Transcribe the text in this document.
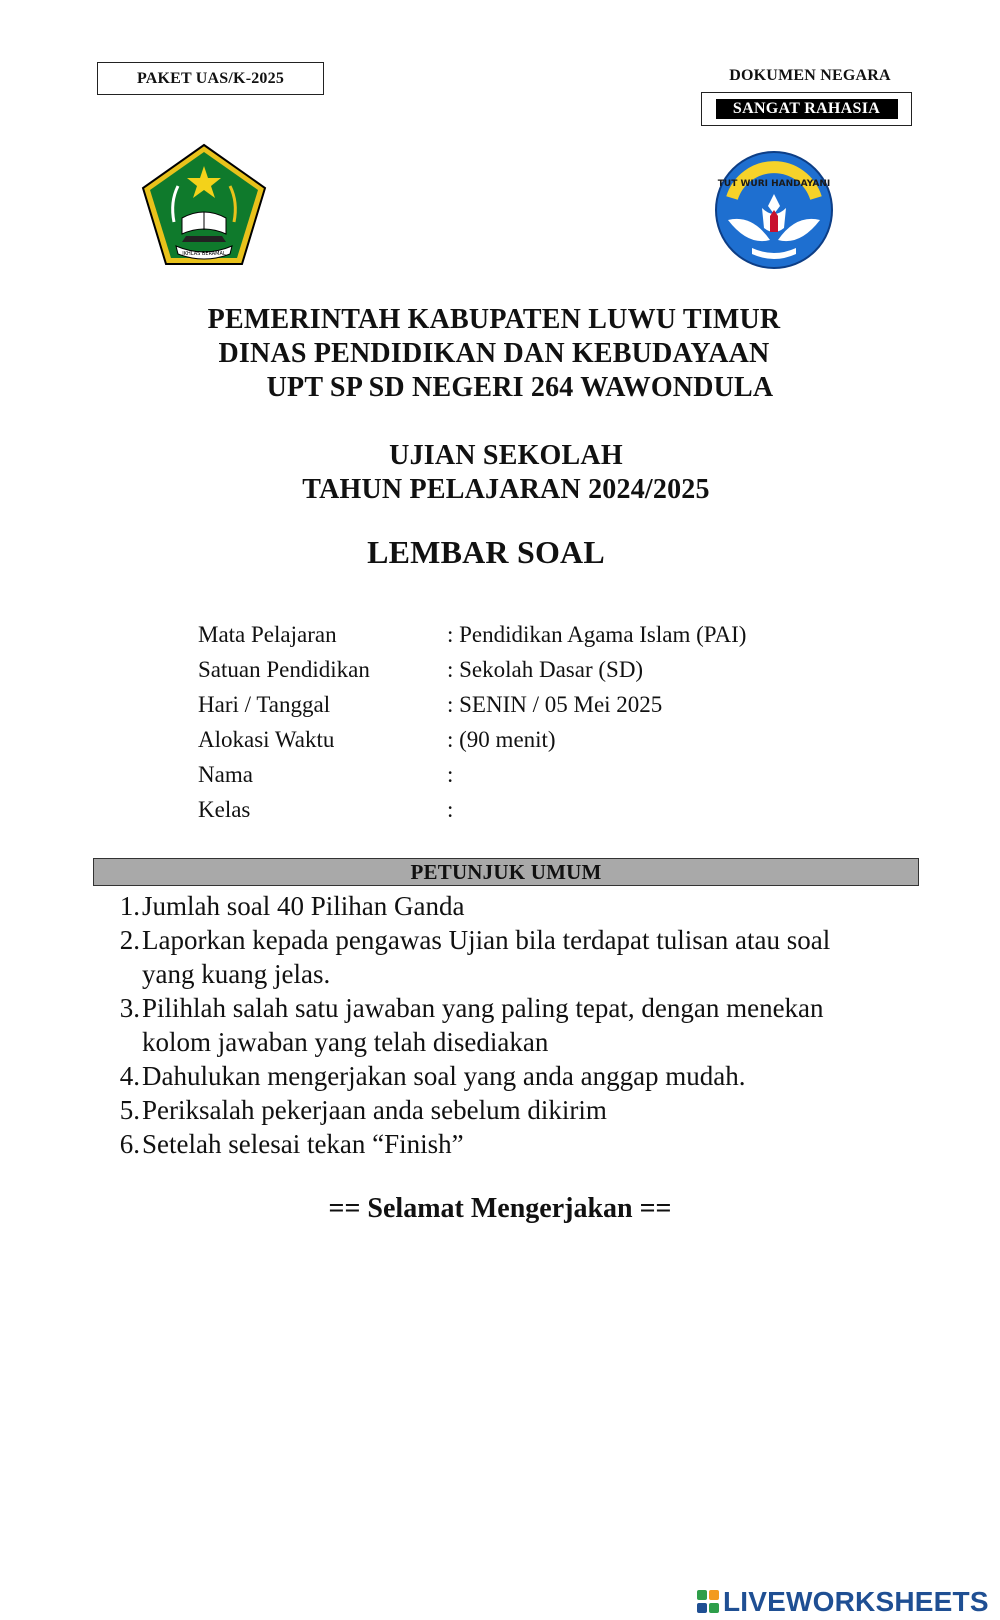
PAKET UAS/K-2025	DOKUMEN NEGARA
SANGAT RAHASIA
IKHLAS BERAMAL
TUT WURI HANDAYANI
PEMERINTAH KABUPATEN LUWU TIMUR
DINAS PENDIDIKAN DAN KEBUDAYAAN
UPT SP SD NEGERI 264 WAWONDULA
UJIAN SEKOLAH
TAHUN PELAJARAN 2024/2025
LEMBAR SOAL
Mata Pelajaran	: Pendidikan Agama Islam (PAI)
Satuan Pendidikan	: Sekolah Dasar (SD)
Hari / Tanggal	: SENIN / 05 Mei 2025
Alokasi Waktu	: (90 menit)
Nama	:
Kelas	:
PETUNJUK UMUM
1. Jumlah soal 40 Pilihan Ganda
2. Laporkan kepada pengawas Ujian bila terdapat tulisan atau soal
yang kuang jelas.
3. Pilihlah salah satu jawaban yang paling tepat, dengan menekan
kolom jawaban yang telah disediakan
4. Dahulukan mengerjakan soal yang anda anggap mudah.
5. Periksalah pekerjaan anda sebelum dikirim
6. Setelah selesai tekan “Finish”
== Selamat Mengerjakan ==
LIVEWORKSHEETS
